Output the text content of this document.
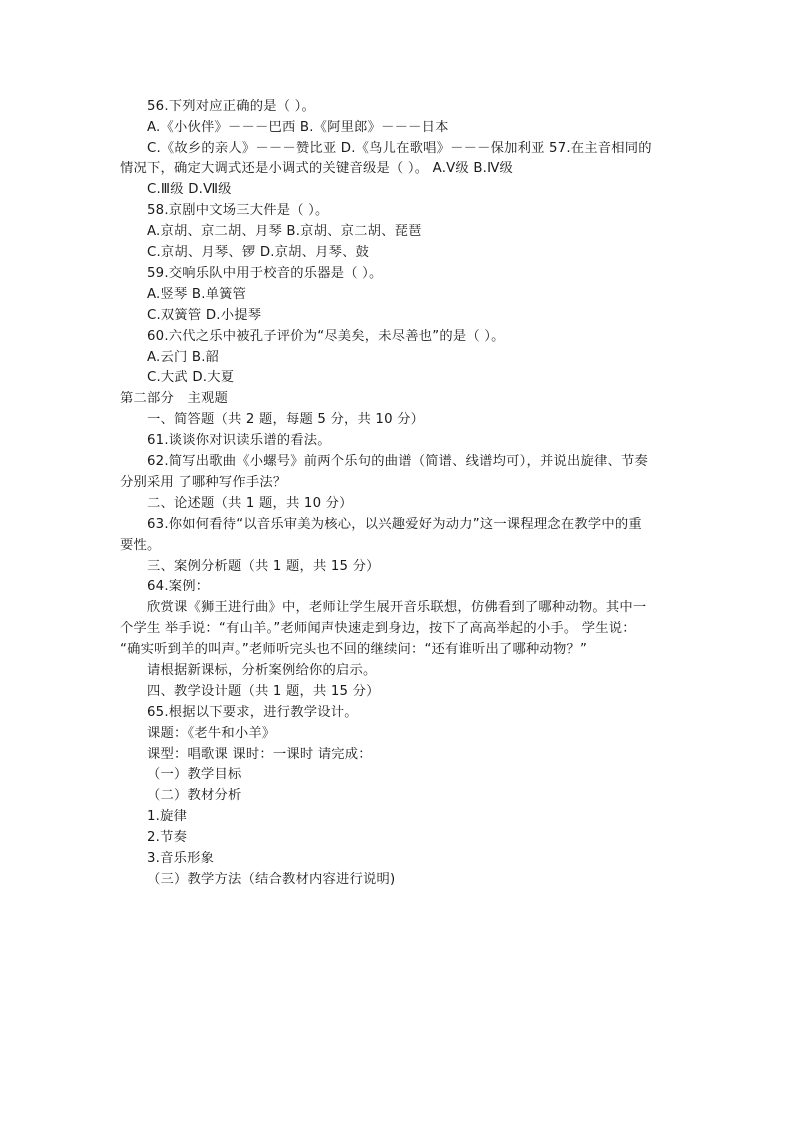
56.下列对应正确的是（ ）。
A.《小伙伴》－－－巴西 B.《阿里郎》－－－日本
C.《故乡的亲人》－－－赞比亚 D.《鸟儿在歌唱》－－－保加利亚 57.在主音相同的
情况下，确定大调式还是小调式的关键音级是（ ）。 A.Ⅴ级 B.Ⅳ级
C.Ⅲ级 D.Ⅶ级
58.京剧中文场三大件是（ ）。
A.京胡、京二胡、月琴 B.京胡、京二胡、琵琶
C.京胡、月琴、锣 D.京胡、月琴、鼓
59.交响乐队中用于校音的乐器是（ ）。
A.竖琴 B.单簧管
C.双簧管 D.小提琴
60.六代之乐中被孔子评价为“尽美矣，未尽善也”的是（ ）。
A.云门 B.韶
C.大武 D.大夏
第二部分　主观题
一、简答题（共 2 题，每题 5 分，共 10 分）
61.谈谈你对识读乐谱的看法。
62.简写出歌曲《小螺号》前两个乐句的曲谱（简谱、线谱均可），并说出旋律、节奏
分别采用 了哪种写作手法？
二、论述题（共 1 题，共 10 分）
63.你如何看待“以音乐审美为核心，以兴趣爱好为动力”这一课程理念在教学中的重
要性。
三、案例分析题（共 1 题，共 15 分）
64.案例：
欣赏课《狮王进行曲》中，老师让学生展开音乐联想，仿佛看到了哪种动物。其中一
个学生 举手说：“有山羊。”老师闻声快速走到身边，按下了高高举起的小手。 学生说：
“确实听到羊的叫声。”老师听完头也不回的继续问：“还有谁听出了哪种动物？”
请根据新课标，分析案例给你的启示。
四、教学设计题（共 1 题，共 15 分）
65.根据以下要求，进行教学设计。
课题：《老牛和小羊》
课型：唱歌课 课时：一课时 请完成：
（一）教学目标
（二）教材分析
1.旋律
2.节奏
3.音乐形象
（三）教学方法（结合教材内容进行说明)
